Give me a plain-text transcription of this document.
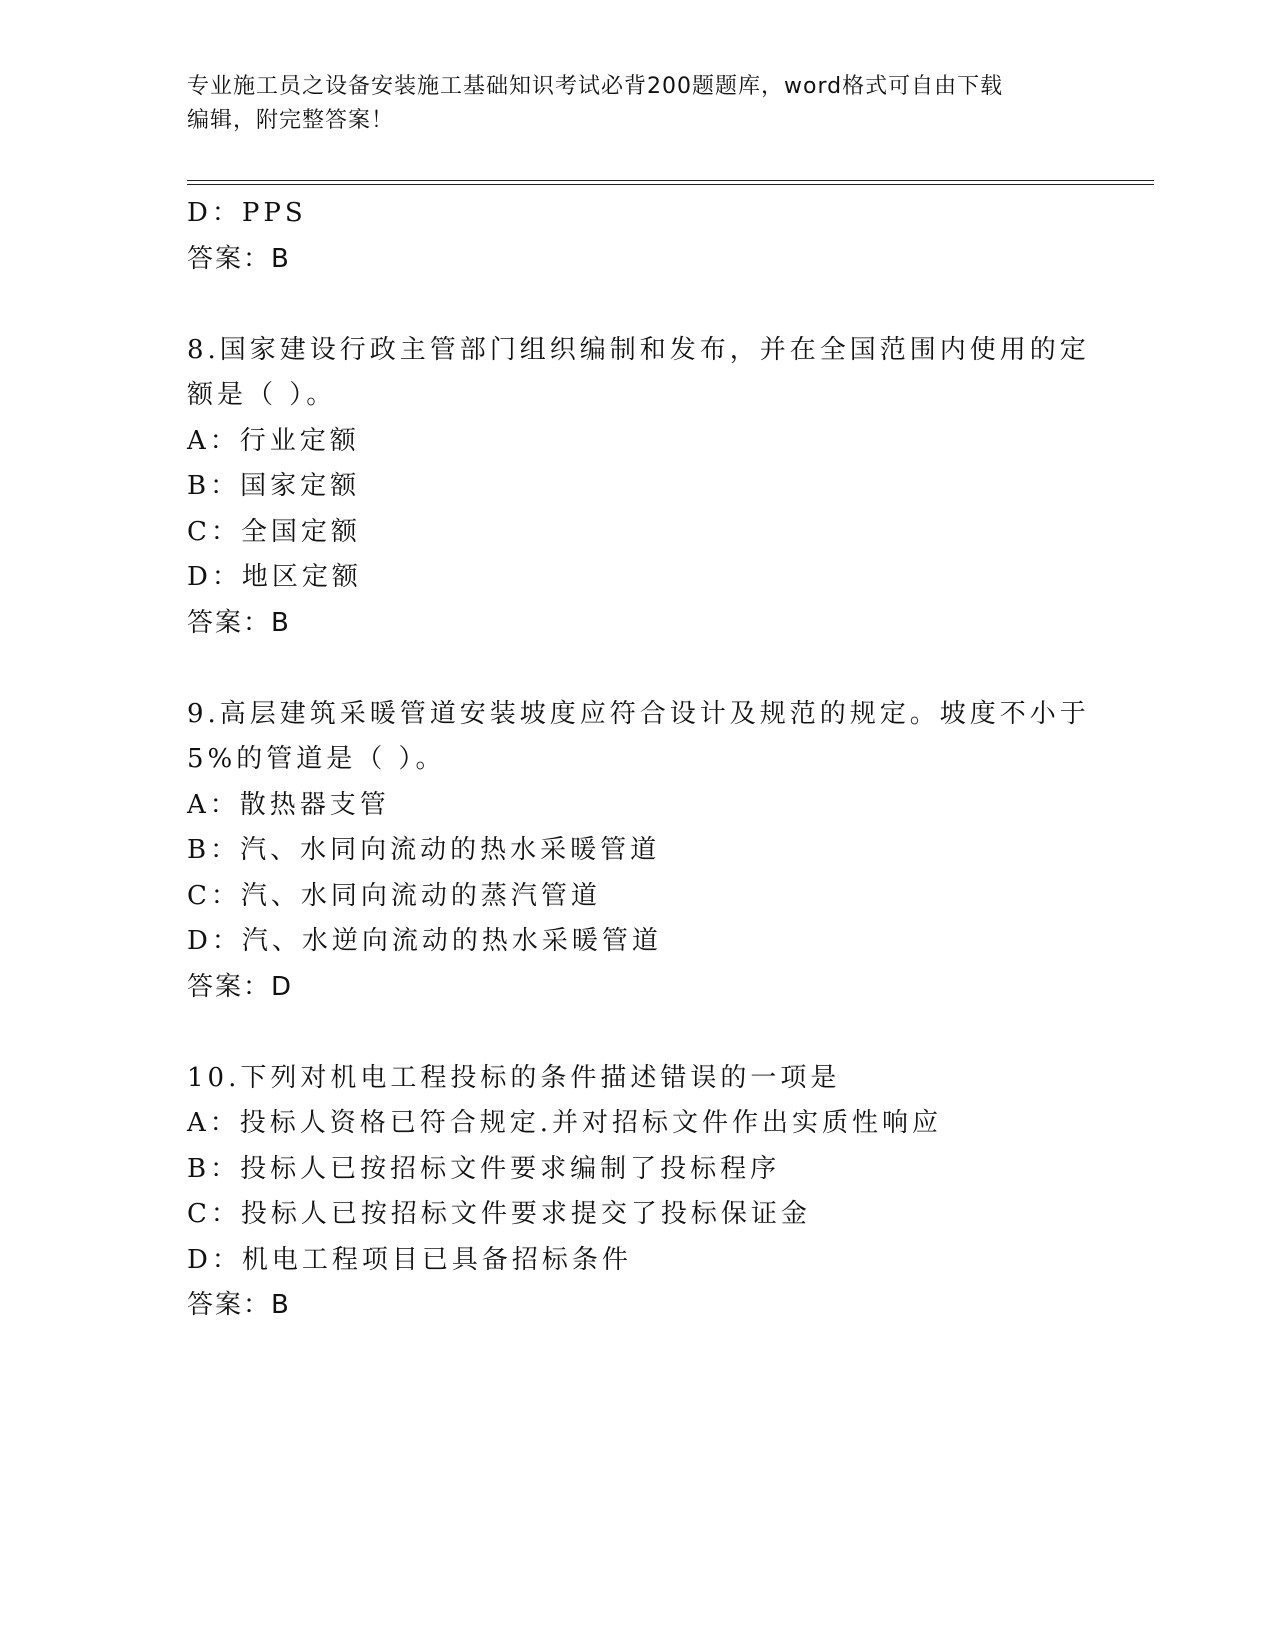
专业施工员之设备安装施工基础知识考试必背200题题库，word格式可自由下载
编辑，附完整答案！
D：PPS
答案：B
8.国家建设行政主管部门组织编制和发布，并在全国范围内使用的定
额是（ ）。
A：行业定额
B：国家定额
C：全国定额
D：地区定额
答案：B
9.高层建筑采暖管道安装坡度应符合设计及规范的规定。坡度不小于
5%的管道是（ ）。
A：散热器支管
B：汽、水同向流动的热水采暖管道
C：汽、水同向流动的蒸汽管道
D：汽、水逆向流动的热水采暖管道
答案：D
10.下列对机电工程投标的条件描述错误的一项是
A：投标人资格已符合规定.并对招标文件作出实质性响应
B：投标人已按招标文件要求编制了投标程序
C：投标人已按招标文件要求提交了投标保证金
D：机电工程项目已具备招标条件
答案：B
